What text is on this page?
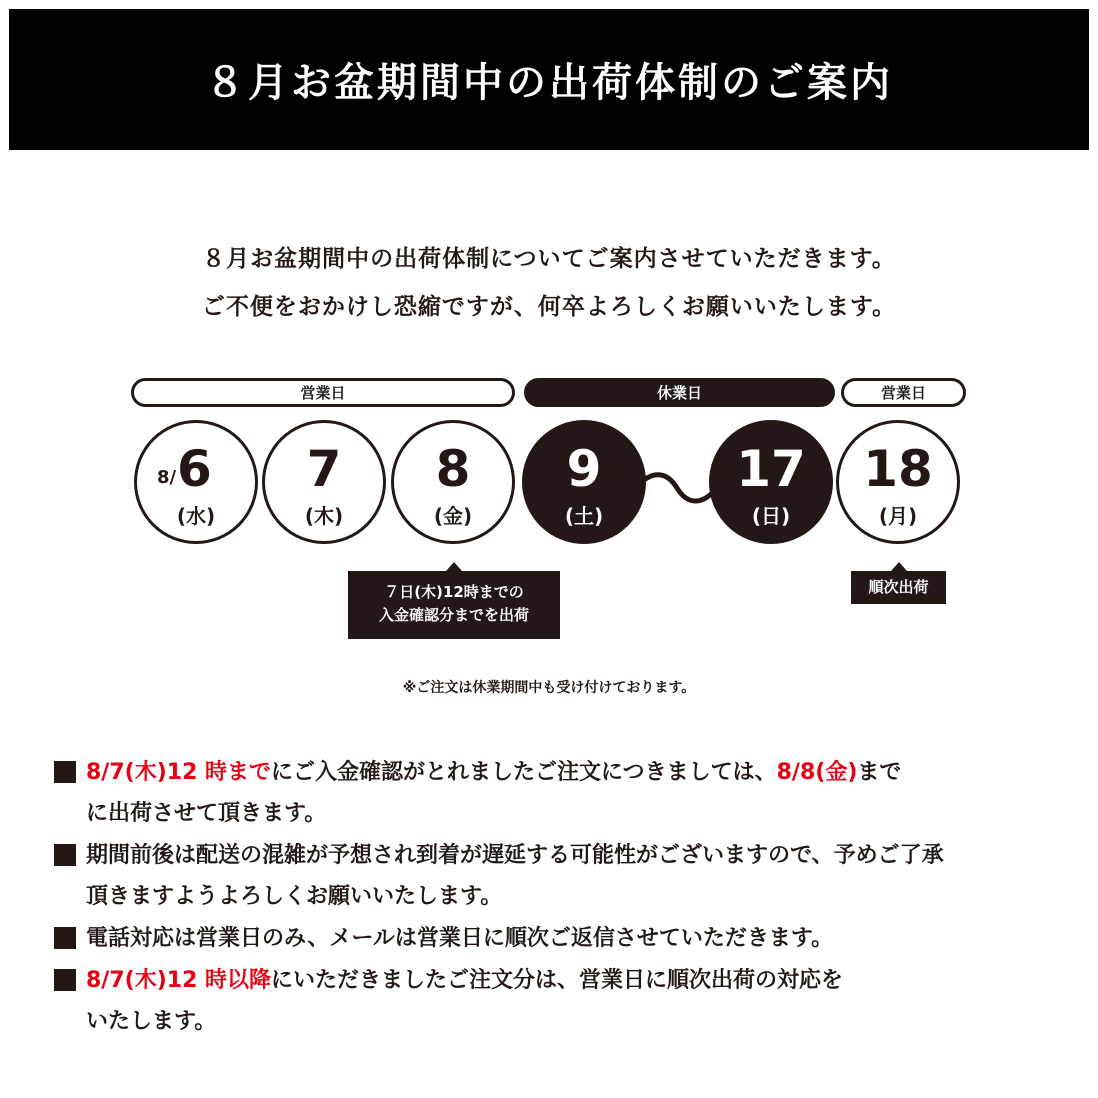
８月お盆期間中の出荷体制のご案内
８月お盆期間中の出荷体制についてご案内させていただきます。
ご不便をおかけし恐縮ですが、何卒よろしくお願いいたします。
営業日	休業日	営業日
8/ 6
(水)
7
(木)
8
(金)
9
(土)
17
(日)
18
(月)
７日(木)12時までの
入金確認分までを出荷
順次出荷
※ご注文は休業期間中も受け付けております。
8/7(木)12 時までにご入金確認がとれましたご注文につきましては、8/8(金)まで
に出荷させて頂きます。
期間前後は配送の混雑が予想され到着が遅延する可能性がございますので、予めご了承
頂きますようよろしくお願いいたします。
電話対応は営業日のみ、メールは営業日に順次ご返信させていただきます。
8/7(木)12 時以降にいただきましたご注文分は、営業日に順次出荷の対応を
いたします。
